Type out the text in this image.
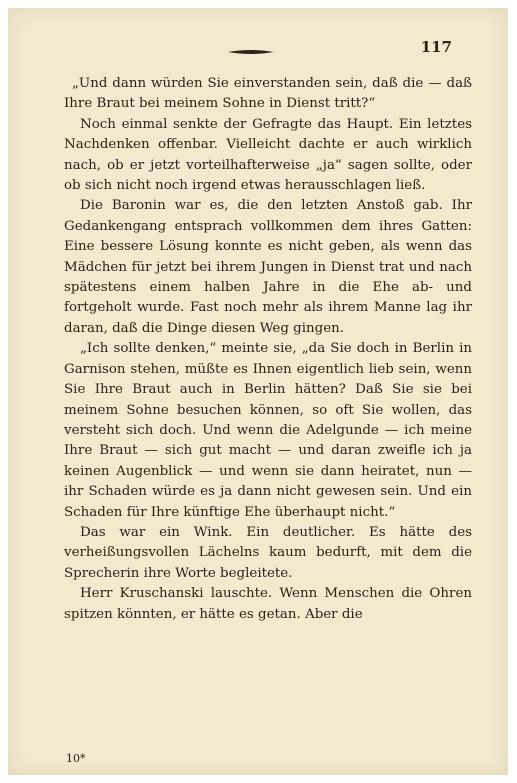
117

„Und dann würden Sie einverstanden sein, daß die — daß Ihre Braut bei meinem Sohne in Dienst tritt?“

Noch einmal senkte der Gefragte das Haupt. Ein letztes Nachdenken offenbar. Vielleicht dachte er auch wirklich nach, ob er jetzt vorteilhafterweise „ja“ sagen sollte, oder ob sich nicht noch irgend etwas herausschlagen ließ.

Die Baronin war es, die den letzten Anstoß gab. Ihr Gedankengang entsprach vollkommen dem ihres Gatten: Eine bessere Lösung konnte es nicht geben, als wenn das Mädchen für jetzt bei ihrem Jungen in Dienst trat und nach spätestens einem halben Jahre in die Ehe ab- und fortgeholt wurde. Fast noch mehr als ihrem Manne lag ihr daran, daß die Dinge diesen Weg gingen.

„Ich sollte denken,“ meinte sie, „da Sie doch in Berlin in Garnison stehen, müßte es Ihnen eigentlich lieb sein, wenn Sie Ihre Braut auch in Berlin hätten? Daß Sie sie bei meinem Sohne besuchen können, so oft Sie wollen, das versteht sich doch. Und wenn die Adelgunde — ich meine Ihre Braut — sich gut macht — und daran zweifle ich ja keinen Augenblick — und wenn sie dann heiratet, nun — ihr Schaden würde es ja dann nicht gewesen sein. Und ein Schaden für Ihre künftige Ehe überhaupt nicht.“

Das war ein Wink. Ein deutlicher. Es hätte des verheißungsvollen Lächelns kaum bedurft, mit dem die Sprecherin ihre Worte begleitete.

Herr Kruschanski lauschte. Wenn Menschen die Ohren spitzen könnten, er hätte es getan. Aber die

10*
